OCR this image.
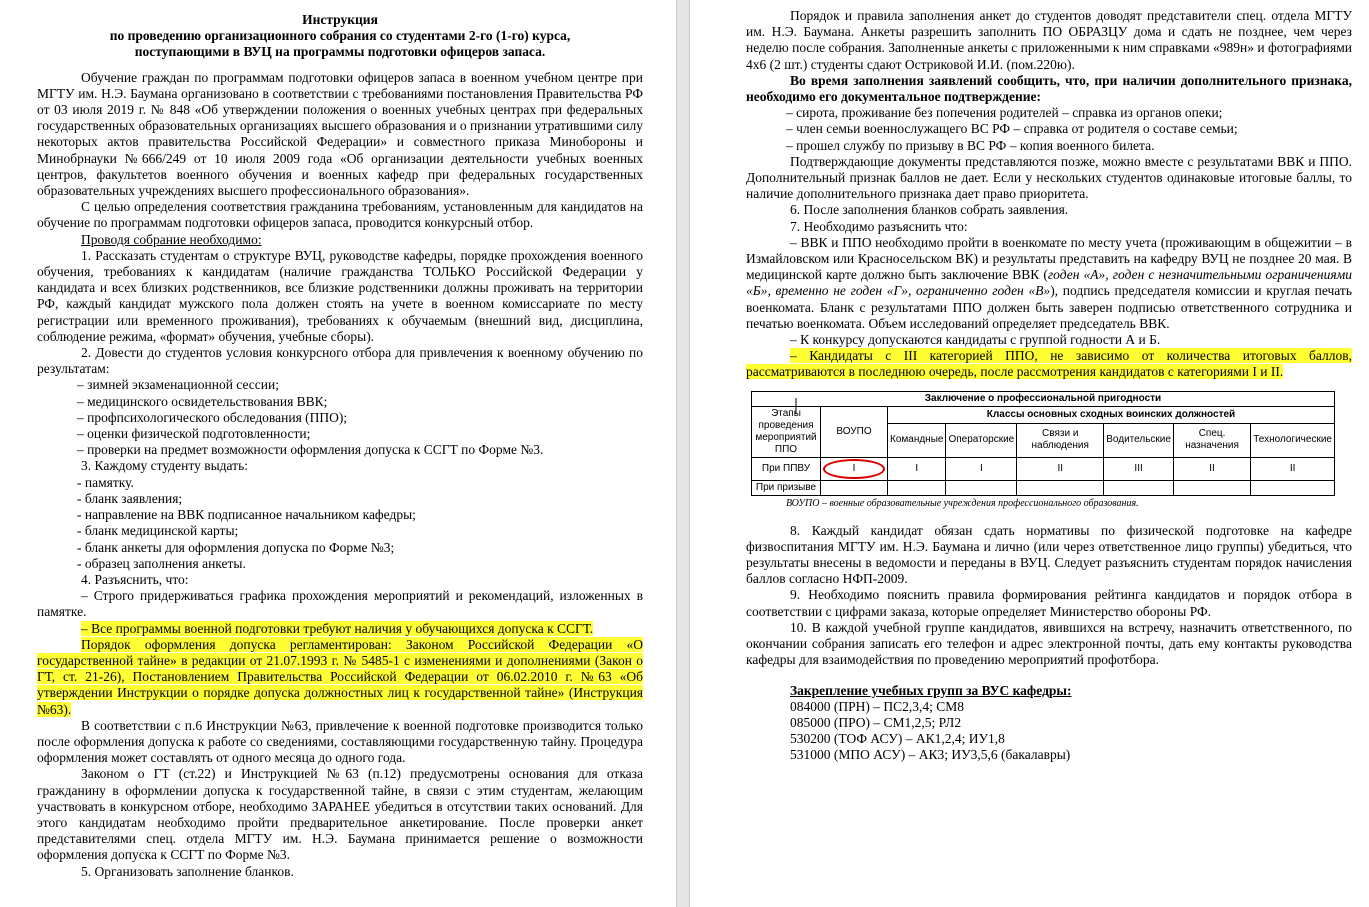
Инструкция

по проведению организационного собрания со студентами 2-го (1-го) курса,

поступающими в ВУЦ на программы подготовки офицеров запаса.

Обучение граждан по программам подготовки офицеров запаса в военном учебном центре при МГТУ им. Н.Э. Баумана организовано в соответствии с требованиями постановления Правительства РФ от 03 июля 2019 г. № 848 «Об утверждении положения о военных учебных центрах при федеральных государственных образовательных организациях высшего образования и о признании утратившими силу некоторых актов правительства Российской Федерации» и совместного приказа Минобороны и Минобрнауки №666/249 от 10 июля 2009 года «Об организации деятельности учебных военных центров, факультетов военного обучения и военных кафедр при федеральных государственных образовательных учреждениях высшего профессионального образования».

С целью определения соответствия гражданина требованиям, установленным для кандидатов на обучение по программам подготовки офицеров запаса, проводится конкурсный отбор.

Проводя собрание необходимо:

1. Рассказать студентам о структуре ВУЦ, руководстве кафедры, порядке прохождения военного обучения, требованиях к кандидатам (наличие гражданства ТОЛЬКО Российской Федерации у кандидата и всех близких родственников, все близкие родственники должны проживать на территории РФ, каждый кандидат мужского пола должен стоять на учете в военном комиссариате по месту регистрации или временного проживания), требованиях к обучаемым (внешний вид, дисциплина, соблюдение режима, «формат» обучения, учебные сборы).

2. Довести до студентов условия конкурсного отбора для привлечения к военному обучению по результатам:

– зимней экзаменационной сессии;

– медицинского освидетельствования ВВК;

– профпсихологического обследования (ППО);

– оценки физической подготовленности;

– проверки на предмет возможности оформления допуска к ССГТ по Форме №3.

3. Каждому студенту выдать:

- памятку.

- бланк заявления;

- направление на ВВК подписанное начальником кафедры;

- бланк медицинской карты;

- бланк анкеты для оформления допуска по Форме №3;

- образец заполнения анкеты.

4. Разъяснить, что:

– Строго придерживаться графика прохождения мероприятий и рекомендаций, изложенных в памятке.

– Все программы военной подготовки требуют наличия у обучающихся допуска к ССГТ.

Порядок оформления допуска регламентирован: Законом Российской Федерации «О государственной тайне» в редакции от 21.07.1993 г. № 5485-1 с изменениями и дополнениями (Закон о ГТ, ст. 21-26), Постановлением Правительства Российской Федерации от 06.02.2010 г. №63 «Об утверждении Инструкции о порядке допуска должностных лиц к государственной тайне» (Инструкция №63).

В соответствии с п.6 Инструкции №63, привлечение к военной подготовке производится только после оформления допуска к работе со сведениями, составляющими государственную тайну. Процедура оформления может составлять от одного месяца до одного года.

Законом о ГТ (ст.22) и Инструкцией №63 (п.12) предусмотрены основания для отказа гражданину в оформлении допуска к государственной тайне, в связи с этим студентам, желающим участвовать в конкурсном отборе, необходимо ЗАРАНЕЕ убедиться в отсутствии таких оснований. Для этого кандидатам необходимо пройти предварительное анкетирование. После проверки анкет представителями спец. отдела МГТУ им. Н.Э. Баумана принимается решение о возможности оформления допуска к ССГТ по Форме №3.

5. Организовать заполнение бланков.

Порядок и правила заполнения анкет до студентов доводят представители спец. отдела МГТУ им. Н.Э. Баумана. Анкеты разрешить заполнить ПО ОБРАЗЦУ дома и сдать не позднее, чем через неделю после собрания. Заполненные анкеты с приложенными к ним справками «989н» и фотографиями 4х6 (2 шт.) студенты сдают Остриковой И.И. (пом.220ю).

Во время заполнения заявлений сообщить, что, при наличии дополнительного признака, необходимо его документальное подтверждение:

– сирота, проживание без попечения родителей – справка из органов опеки;

– член семьи военнослужащего ВС РФ – справка от родителя о составе семьи;

– прошел службу по призыву в ВС РФ – копия военного билета.

Подтверждающие документы представляются позже, можно вместе с результатами ВВК и ППО. Дополнительный признак баллов не дает. Если у нескольких студентов одинаковые итоговые баллы, то наличие дополнительного признака дает право приоритета.

6. После заполнения бланков собрать заявления.

7. Необходимо разъяснить что:

– ВВК и ППО необходимо пройти в военкомате по месту учета (проживающим в общежитии – в Измайловском или Красносельском ВК) и результаты представить на кафедру ВУЦ не позднее 20 мая. В медицинской карте должно быть заключение ВВК (годен «А», годен с незначительными ограничениями «Б», временно не годен «Г», ограниченно годен «В»), подпись председателя комиссии и круглая печать военкомата. Бланк с результатами ППО должен быть заверен подписью ответственного сотрудника и печатью военкомата. Объем исследований определяет председатель ВВК.

– К конкурсу допускаются кандидаты с группой годности А и Б.

– Кандидаты с III категорией ППО, не зависимо от количества итоговых баллов, рассматриваются в последнюю очередь, после рассмотрения кандидатов с категориями I и II.

Заключение о профессиональной пригодности							
Этапы проведения мероприятий ППО	ВОУПО	Классы основных сходных воинских должностей					
		Командные	Операторские	Связи и наблюдения	Водительские	Спец. назначения	Технологические
При ППВУ	I	I	I	II	III	II	II
При призыве							
ВОУПО – военные образовательные учреждения профессионального образования.

8. Каждый кандидат обязан сдать нормативы по физической подготовке на кафедре физвоспитания МГТУ им. Н.Э. Баумана и лично (или через ответственное лицо группы) убедиться, что результаты внесены в ведомости и переданы в ВУЦ. Следует разъяснить студентам порядок начисления баллов согласно НФП-2009.

9. Необходимо пояснить правила формирования рейтинга кандидатов и порядок отбора в соответствии с цифрами заказа, которые определяет Министерство обороны РФ.

10. В каждой учебной группе кандидатов, явившихся на встречу, назначить ответственного, по окончании собрания записать его телефон и адрес электронной почты, дать ему контакты руководства кафедры для взаимодействия по проведению мероприятий профотбора.

Закрепление учебных групп за ВУС кафедры:

084000 (ПРН) – ПС2,3,4; СМ8

085000 (ПРО) – СМ1,2,5; РЛ2

530200 (ТОФ АСУ) – АК1,2,4; ИУ1,8

531000 (МПО АСУ) – АК3; ИУ3,5,6 (бакалавры)
